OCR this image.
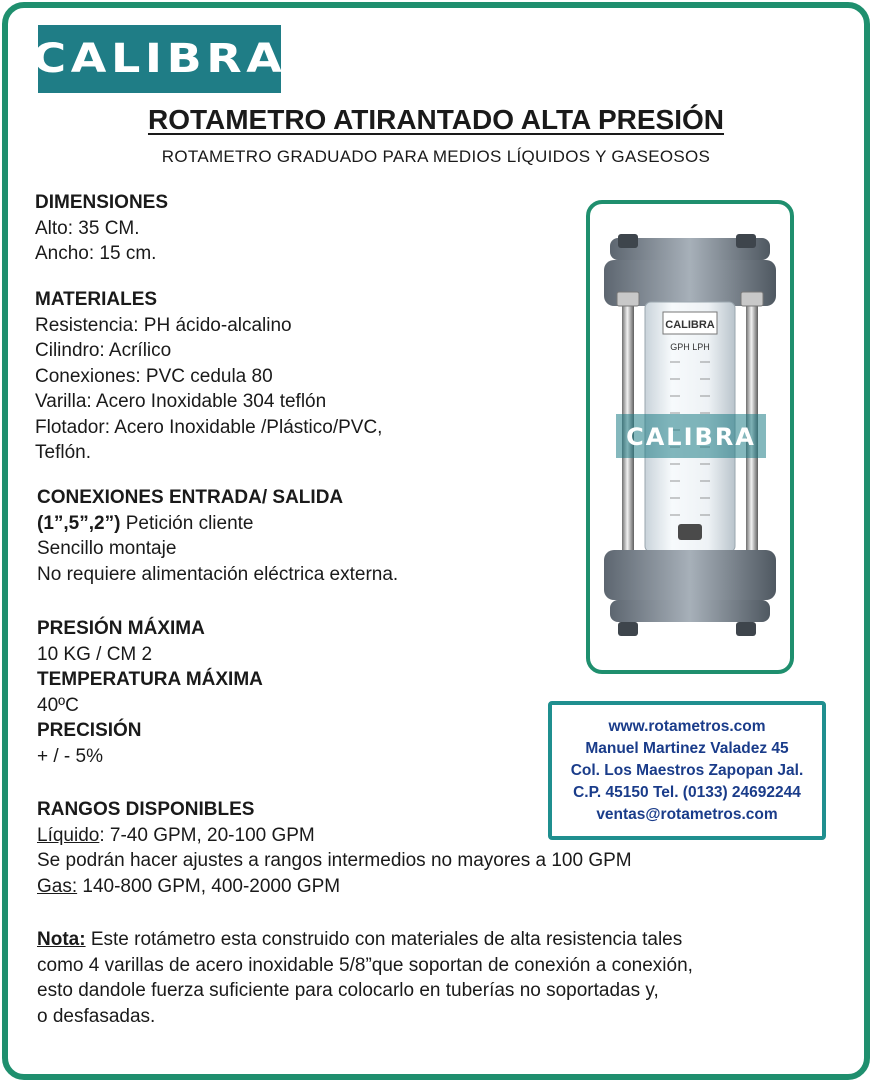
CALIBRA
ROTAMETRO ATIRANTADO ALTA PRESIÓN
ROTAMETRO GRADUADO PARA MEDIOS LÍQUIDOS Y GASEOSOS
DIMENSIONES
Alto: 35 CM.
Ancho: 15 cm.
MATERIALES
Resistencia: PH ácido-alcalino
Cilindro: Acrílico
Conexiones: PVC cedula 80
Varilla: Acero Inoxidable 304 teflón
Flotador: Acero Inoxidable /Plástico/PVC,
Teflón.
CONEXIONES ENTRADA/ SALIDA
(1”,5”,2”) Petición cliente
Sencillo montaje
No requiere alimentación eléctrica externa.
PRESIÓN MÁXIMA
10 KG / CM 2
TEMPERATURA MÁXIMA
40ºC
PRECISIÓN
+ / - 5%
RANGOS DISPONIBLES
Líquido: 7-40 GPM, 20-100 GPM
Se podrán hacer ajustes a rangos intermedios no mayores a 100 GPM
Gas: 140-800 GPM, 400-2000 GPM
Nota: Este rotámetro esta construido con materiales de alta resistencia tales
como 4 varillas de acero inoxidable 5/8”que soportan de conexión a conexión,
esto dandole fuerza suficiente para colocarlo en tuberías no soportadas y,
o desfasadas.
CALIBRA
GPH LPH
CALIBRA
www.rotametros.com
Manuel Martinez Valadez 45
Col. Los Maestros Zapopan Jal.
C.P. 45150 Tel. (0133) 24692244
ventas@rotametros.com
